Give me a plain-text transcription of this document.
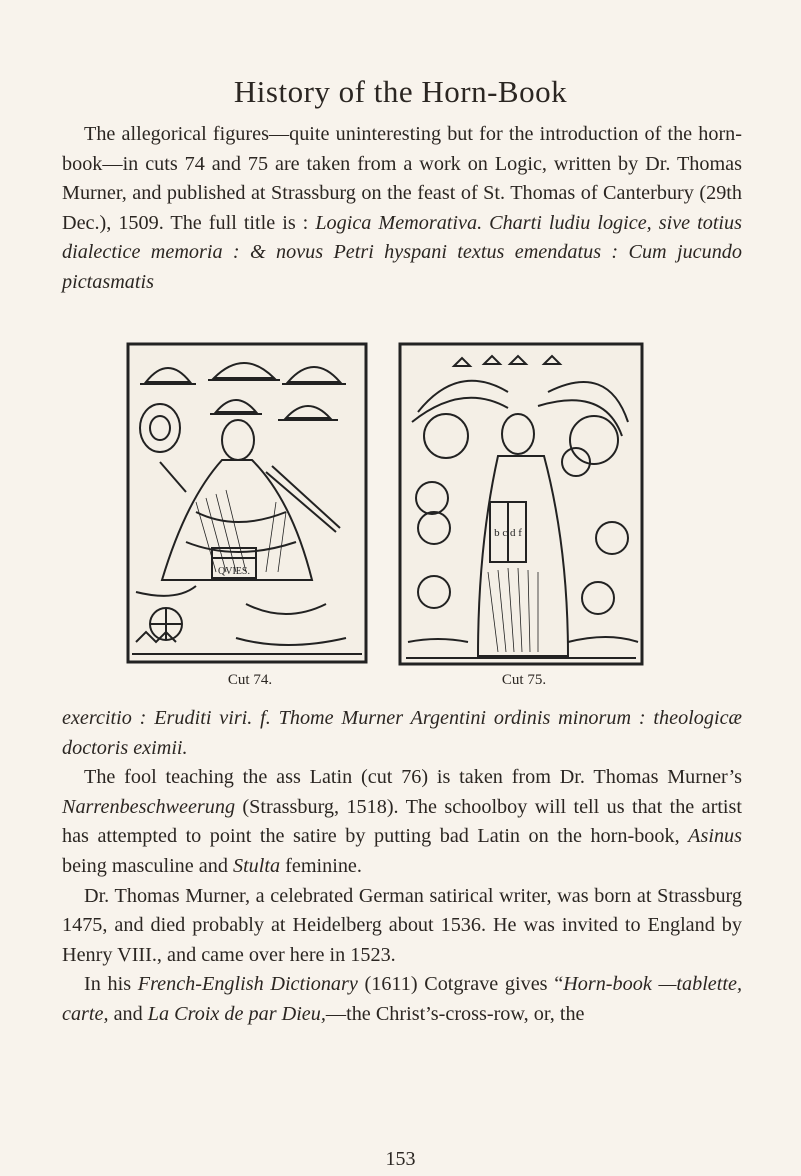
History of the Horn-Book

The allegorical figures—quite uninteresting but for the introduction of the horn-book—in cuts 74 and 75 are taken from a work on Logic, written by Dr. Thomas Murner, and published at Strassburg on the feast of St. Thomas of Canterbury (29th Dec.), 1509. The full title is : Logica Memorativa. Charti ludiu logice, sive totius dialectice memoria : & novus Petri hyspani textus emendatus : Cum jucundo pictasmatis

QVIES.
b c d f
Cut 74.	Cut 75.

exercitio : Eruditi viri. f. Thome Murner Argentini ordinis minorum : theologicæ doctoris eximii.

The fool teaching the ass Latin (cut 76) is taken from Dr. Thomas Murner’s Narrenbeschweerung (Strassburg, 1518). The schoolboy will tell us that the artist has attempted to point the satire by putting bad Latin on the horn-book, Asinus being masculine and Stulta feminine.

Dr. Thomas Murner, a celebrated German satirical writer, was born at Strassburg 1475, and died probably at Heidelberg about 1536. He was invited to England by Henry VIII., and came over here in 1523.

In his French-English Dictionary (1611) Cotgrave gives “Horn-book —tablette, carte, and La Croix de par Dieu,—the Christ’s-cross-row, or, the

153
